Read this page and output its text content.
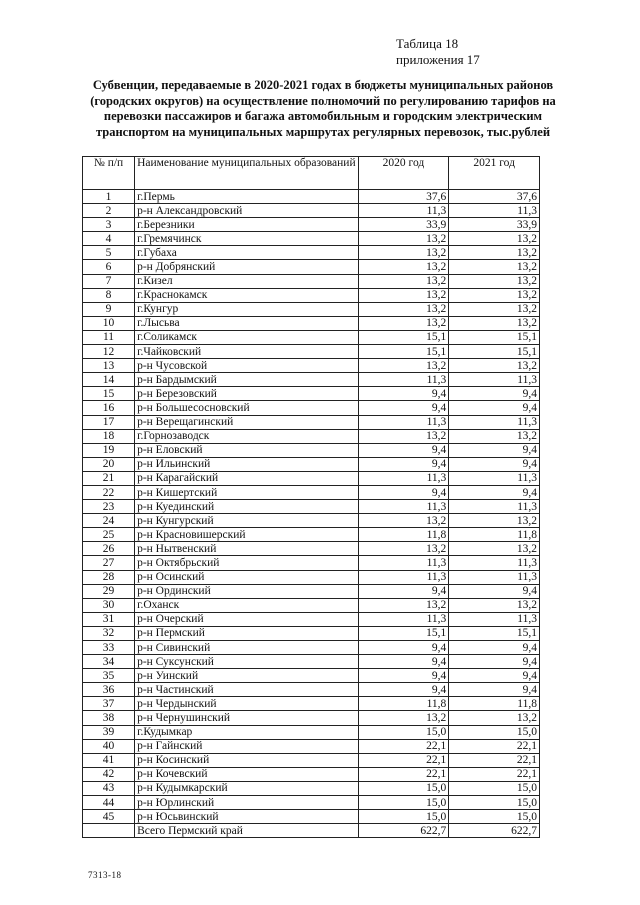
Таблица 18
приложения 17
Субвенции, передаваемые в 2020-2021 годах в бюджеты муниципальных районов (городских округов) на осуществление полномочий по регулированию тарифов на перевозки пассажиров и багажа автомобильным и городским электрическим транспортом на муниципальных маршрутах регулярных перевозок, тыс.рублей
№ п/п	Наименование муниципальных образований	2020 год	2021 год
1	г.Пермь	37,6	37,6
2	р-н Александровский	11,3	11,3
3	г.Березники	33,9	33,9
4	г.Гремячинск	13,2	13,2
5	г.Губаха	13,2	13,2
6	р-н Добрянский	13,2	13,2
7	г.Кизел	13,2	13,2
8	г.Краснокамск	13,2	13,2
9	г.Кунгур	13,2	13,2
10	г.Лысьва	13,2	13,2
11	г.Соликамск	15,1	15,1
12	г.Чайковский	15,1	15,1
13	р-н Чусовской	13,2	13,2
14	р-н Бардымский	11,3	11,3
15	р-н Березовский	9,4	9,4
16	р-н Большесосновский	9,4	9,4
17	р-н Верещагинский	11,3	11,3
18	г.Горнозаводск	13,2	13,2
19	р-н Еловский	9,4	9,4
20	р-н Ильинский	9,4	9,4
21	р-н Карагайский	11,3	11,3
22	р-н Кишертский	9,4	9,4
23	р-н Куединский	11,3	11,3
24	р-н Кунгурский	13,2	13,2
25	р-н Красновишерский	11,8	11,8
26	р-н Нытвенский	13,2	13,2
27	р-н Октябрьский	11,3	11,3
28	р-н Осинский	11,3	11,3
29	р-н Ординский	9,4	9,4
30	г.Оханск	13,2	13,2
31	р-н Очерский	11,3	11,3
32	р-н Пермский	15,1	15,1
33	р-н Сивинский	9,4	9,4
34	р-н Суксунский	9,4	9,4
35	р-н Уинский	9,4	9,4
36	р-н Частинский	9,4	9,4
37	р-н Чердынский	11,8	11,8
38	р-н Чернушинский	13,2	13,2
39	г.Кудымкар	15,0	15,0
40	р-н Гайнский	22,1	22,1
41	р-н Косинский	22,1	22,1
42	р-н Кочевский	22,1	22,1
43	р-н Кудымкарский	15,0	15,0
44	р-н Юрлинский	15,0	15,0
45	р-н Юсьвинский	15,0	15,0
	Всего Пермский край	622,7	622,7
7313-18
